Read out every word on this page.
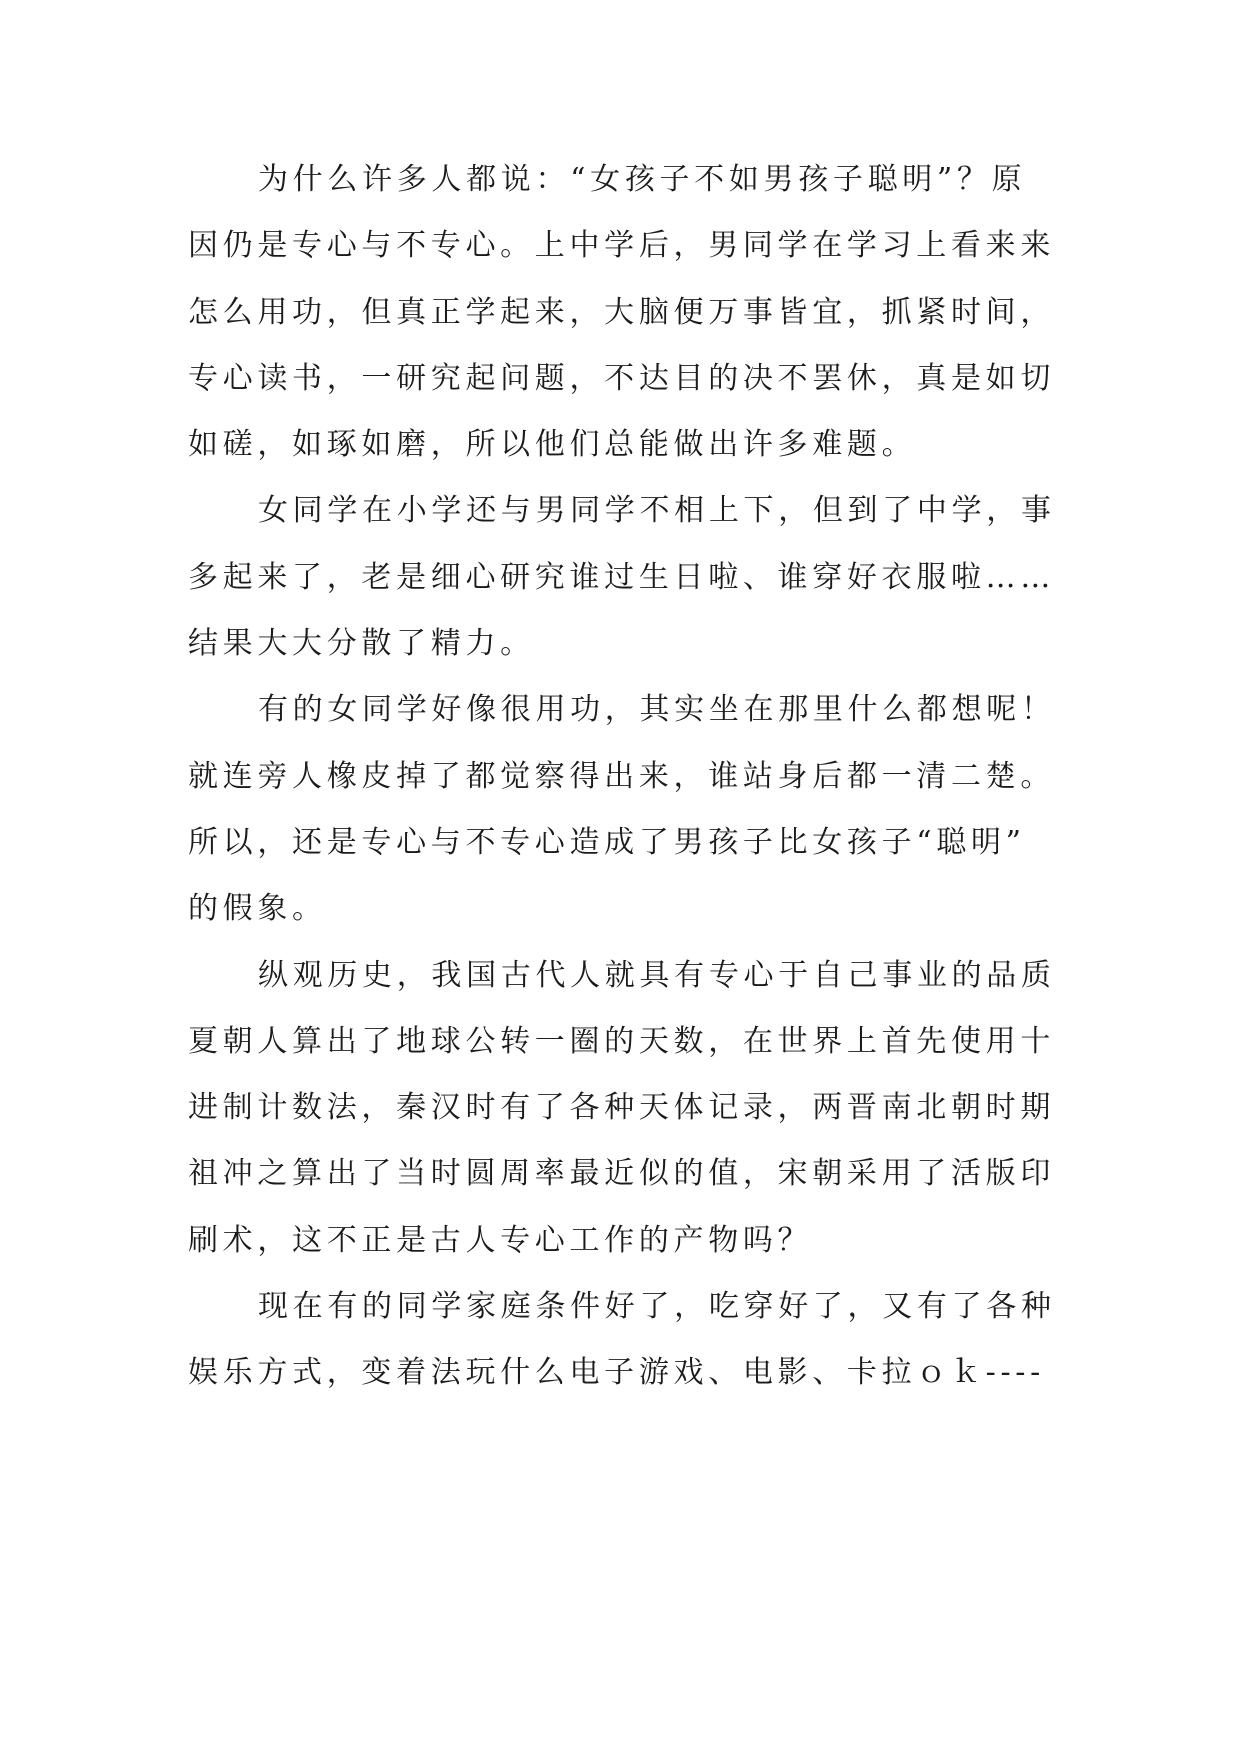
为什么许多人都说：“女孩子不如男孩子聪明”？原
因仍是专心与不专心。上中学后，男同学在学习上看来来
怎么用功，但真正学起来，大脑便万事皆宜，抓紧时间，
专心读书，一研究起问题，不达目的决不罢休，真是如切
如磋，如琢如磨，所以他们总能做出许多难题。
女同学在小学还与男同学不相上下，但到了中学，事
多起来了，老是细心研究谁过生日啦、谁穿好衣服啦……
结果大大分散了精力。
有的女同学好像很用功，其实坐在那里什么都想呢！
就连旁人橡皮掉了都觉察得出来，谁站身后都一清二楚。
所以，还是专心与不专心造成了男孩子比女孩子“聪明”
的假象。
纵观历史，我国古代人就具有专心于自己事业的品质
夏朝人算出了地球公转一圈的天数，在世界上首先使用十
进制计数法，秦汉时有了各种天体记录，两晋南北朝时期
祖冲之算出了当时圆周率最近似的值，宋朝采用了活版印
刷术，这不正是古人专心工作的产物吗？
现在有的同学家庭条件好了，吃穿好了，又有了各种
娱乐方式，变着法玩什么电子游戏、电影、卡拉ｏｋ----
